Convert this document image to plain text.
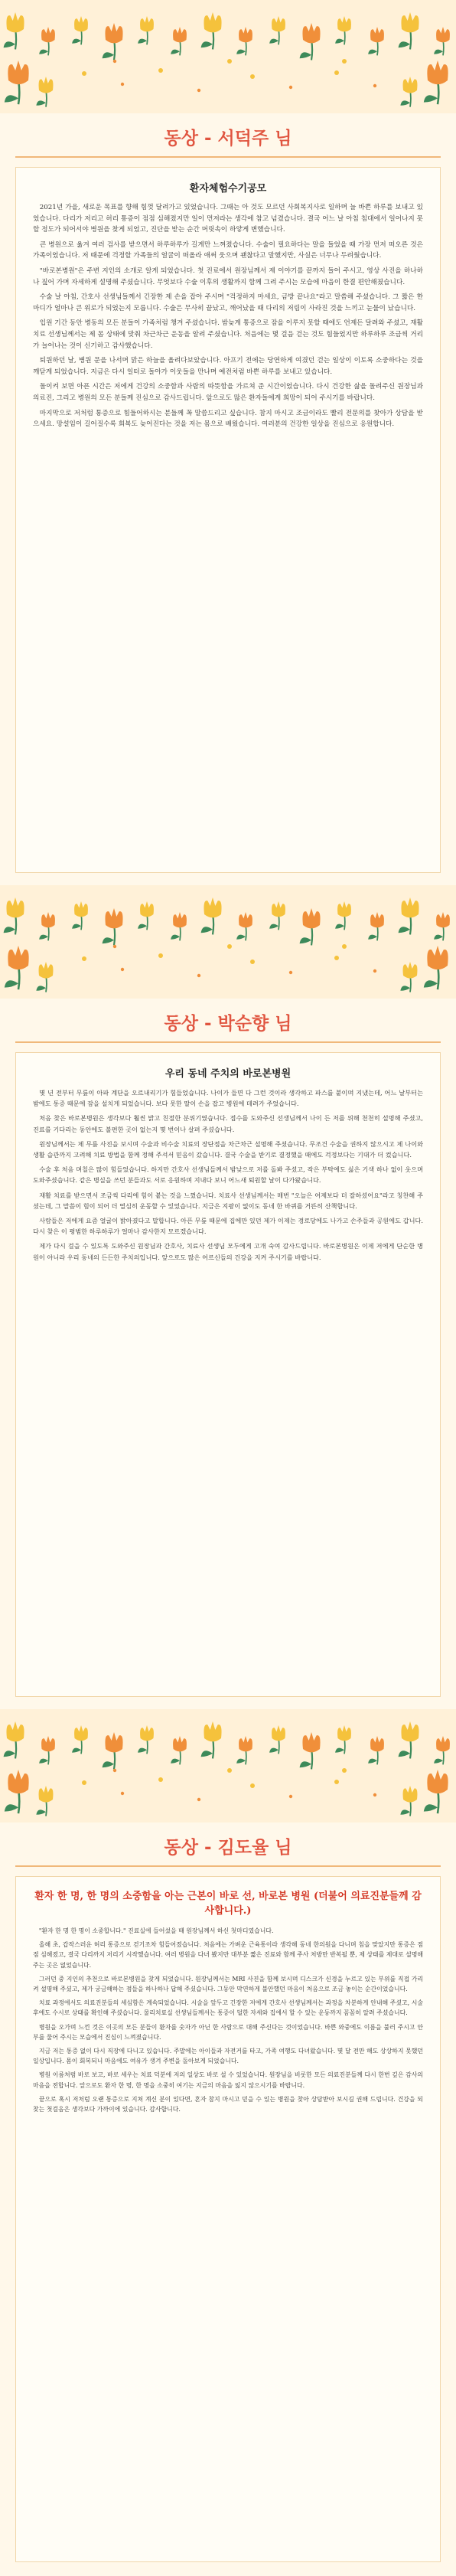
동상 - 서덕주 님
환자체험수기공모

2021년 가을, 새로운 목표를 향해 힘껏 달려가고 있었습니다. 그때는 아 것도 모르던 사회복지사로 일하며 늘 바쁜 하루를 보내고 있었습니다. 다리가 저리고 허리 통증이 점점 심해졌지만 일이 먼저라는 생각에 참고 넘겼습니다. 결국 어느 날 아침 침대에서 일어나지 못할 정도가 되어서야 병원을 찾게 되었고, 진단을 받는 순간 머릿속이 하얗게 변했습니다.

큰 병원으로 옮겨 여러 검사를 받으면서 하루하루가 길게만 느껴졌습니다. 수술이 필요하다는 말을 들었을 때 가장 먼저 떠오른 것은 가족이었습니다. 저 때문에 걱정할 가족들의 얼굴이 떠올라 애써 웃으며 괜찮다고 말했지만, 사실은 너무나 두려웠습니다.

"바로본병원"은 주변 지인의 소개로 알게 되었습니다. 첫 진료에서 원장님께서 제 이야기를 끝까지 들어 주시고, 영상 사진을 하나하나 짚어 가며 자세하게 설명해 주셨습니다. 무엇보다 수술 이후의 생활까지 함께 그려 주시는 모습에 마음이 한결 편안해졌습니다.

수술 날 아침, 간호사 선생님들께서 긴장한 제 손을 잡아 주시며 "걱정하지 마세요, 금방 끝나요"라고 말씀해 주셨습니다. 그 짧은 한마디가 얼마나 큰 위로가 되었는지 모릅니다. 수술은 무사히 끝났고, 깨어났을 때 다리의 저림이 사라진 것을 느끼고 눈물이 났습니다.

입원 기간 동안 병동의 모든 분들이 가족처럼 챙겨 주셨습니다. 밤늦게 통증으로 잠을 이루지 못할 때에도 언제든 달려와 주셨고, 재활 치료 선생님께서는 제 몸 상태에 맞춰 차근차근 운동을 알려 주셨습니다. 처음에는 몇 걸음 걷는 것도 힘들었지만 하루하루 조금씩 거리가 늘어나는 것이 신기하고 감사했습니다.

퇴원하던 날, 병원 문을 나서며 맑은 하늘을 올려다보았습니다. 아프기 전에는 당연하게 여겼던 걷는 일상이 이토록 소중하다는 것을 깨닫게 되었습니다. 지금은 다시 일터로 돌아가 이웃들을 만나며 예전처럼 바쁜 하루를 보내고 있습니다.

돌이켜 보면 아픈 시간은 저에게 건강의 소중함과 사람의 따뜻함을 가르쳐 준 시간이었습니다. 다시 건강한 삶을 돌려주신 원장님과 의료진, 그리고 병원의 모든 분들께 진심으로 감사드립니다. 앞으로도 많은 환자들에게 희망이 되어 주시기를 바랍니다.

마지막으로 저처럼 통증으로 힘들어하시는 분들께 꼭 말씀드리고 싶습니다. 참지 마시고 조금이라도 빨리 전문의를 찾아가 상담을 받으세요. 망설임이 길어질수록 회복도 늦어진다는 것을 저는 몸으로 배웠습니다. 여러분의 건강한 일상을 진심으로 응원합니다.

동상 - 박순향 님
우리 동네 주치의 바로본병원

몇 년 전부터 무릎이 아파 계단을 오르내리기가 힘들었습니다. 나이가 들면 다 그런 것이라 생각하고 파스를 붙이며 지냈는데, 어느 날부터는 밤에도 통증 때문에 잠을 설치게 되었습니다. 보다 못한 딸이 손을 잡고 병원에 데려가 주었습니다.

처음 찾은 바로본병원은 생각보다 훨씬 밝고 친절한 분위기였습니다. 접수를 도와주신 선생님께서 나이 든 저를 위해 천천히 설명해 주셨고, 진료를 기다리는 동안에도 불편한 곳이 없는지 몇 번이나 살펴 주셨습니다.

원장님께서는 제 무릎 사진을 보시며 수술과 비수술 치료의 장단점을 차근차근 설명해 주셨습니다. 무조건 수술을 권하지 않으시고 제 나이와 생활 습관까지 고려해 치료 방법을 함께 정해 주셔서 믿음이 갔습니다. 결국 수술을 받기로 결정했을 때에도 걱정보다는 기대가 더 컸습니다.

수술 후 처음 며칠은 많이 힘들었습니다. 하지만 간호사 선생님들께서 밤낮으로 저를 돌봐 주셨고, 작은 부탁에도 싫은 기색 하나 없이 웃으며 도와주셨습니다. 같은 병실을 쓰던 분들과도 서로 응원하며 지내다 보니 어느새 퇴원할 날이 다가왔습니다.

재활 치료를 받으면서 조금씩 다리에 힘이 붙는 것을 느꼈습니다. 치료사 선생님께서는 매번 "오늘은 어제보다 더 잘하셨어요"라고 칭찬해 주셨는데, 그 말씀이 힘이 되어 더 열심히 운동할 수 있었습니다. 지금은 지팡이 없이도 동네 한 바퀴를 거뜬히 산책합니다.

사람들은 저에게 요즘 얼굴이 밝아졌다고 말합니다. 아픈 무릎 때문에 집에만 있던 제가 이제는 경로당에도 나가고 손주들과 공원에도 갑니다. 다시 찾은 이 평범한 하루하루가 얼마나 감사한지 모르겠습니다.

제가 다시 걸을 수 있도록 도와주신 원장님과 간호사, 치료사 선생님 모두에게 고개 숙여 감사드립니다. 바로본병원은 이제 저에게 단순한 병원이 아니라 우리 동네의 든든한 주치의입니다. 앞으로도 많은 어르신들의 건강을 지켜 주시기를 바랍니다.

동상 - 김도율 님
환자 한 명, 한 명의 소중함을 아는 근본이 바로 선, 바로본 병원 (더불어 의료진분들께 감사합니다.)

"환자 한 명 한 명이 소중합니다." 진료실에 들어섰을 때 원장님께서 하신 첫마디였습니다.

올해 초, 갑작스러운 허리 통증으로 걷기조차 힘들어졌습니다. 처음에는 가벼운 근육통이라 생각해 동네 한의원을 다니며 침을 맞았지만 통증은 점점 심해졌고, 결국 다리까지 저리기 시작했습니다. 여러 병원을 다녀 봤지만 대부분 짧은 진료와 함께 주사 처방만 반복될 뿐, 제 상태를 제대로 설명해 주는 곳은 없었습니다.

그러던 중 지인의 추천으로 바로본병원을 찾게 되었습니다. 원장님께서는 MRI 사진을 함께 보시며 디스크가 신경을 누르고 있는 부위를 직접 가리켜 설명해 주셨고, 제가 궁금해하는 점들을 하나하나 답해 주셨습니다. 그동안 막연하게 불안했던 마음이 처음으로 조금 놓이는 순간이었습니다.

치료 과정에서도 의료진분들의 세심함은 계속되었습니다. 시술을 앞두고 긴장한 저에게 간호사 선생님께서는 과정을 차분하게 안내해 주셨고, 시술 후에도 수시로 상태를 확인해 주셨습니다. 물리치료실 선생님들께서는 통증이 덜한 자세와 집에서 할 수 있는 운동까지 꼼꼼히 알려 주셨습니다.

병원을 오가며 느낀 것은 이곳의 모든 분들이 환자를 숫자가 아닌 한 사람으로 대해 주신다는 것이었습니다. 바쁜 와중에도 이름을 불러 주시고 안부를 물어 주시는 모습에서 진심이 느껴졌습니다.

지금 저는 통증 없이 다시 직장에 다니고 있습니다. 주말에는 아이들과 자전거를 타고, 가족 여행도 다녀왔습니다. 몇 달 전만 해도 상상하지 못했던 일상입니다. 몸이 회복되니 마음에도 여유가 생겨 주변을 돌아보게 되었습니다.

병원 이름처럼 바로 보고, 바로 세우는 치료 덕분에 저의 일상도 바로 설 수 있었습니다. 원장님을 비롯한 모든 의료진분들께 다시 한번 깊은 감사의 마음을 전합니다. 앞으로도 환자 한 명, 한 명을 소중히 여기는 지금의 마음을 잃지 않으시기를 바랍니다.

끝으로 혹시 저처럼 오랜 통증으로 지쳐 계신 분이 있다면, 혼자 참지 마시고 믿을 수 있는 병원을 찾아 상담받아 보시길 권해 드립니다. 건강을 되찾는 첫걸음은 생각보다 가까이에 있습니다. 감사합니다.
